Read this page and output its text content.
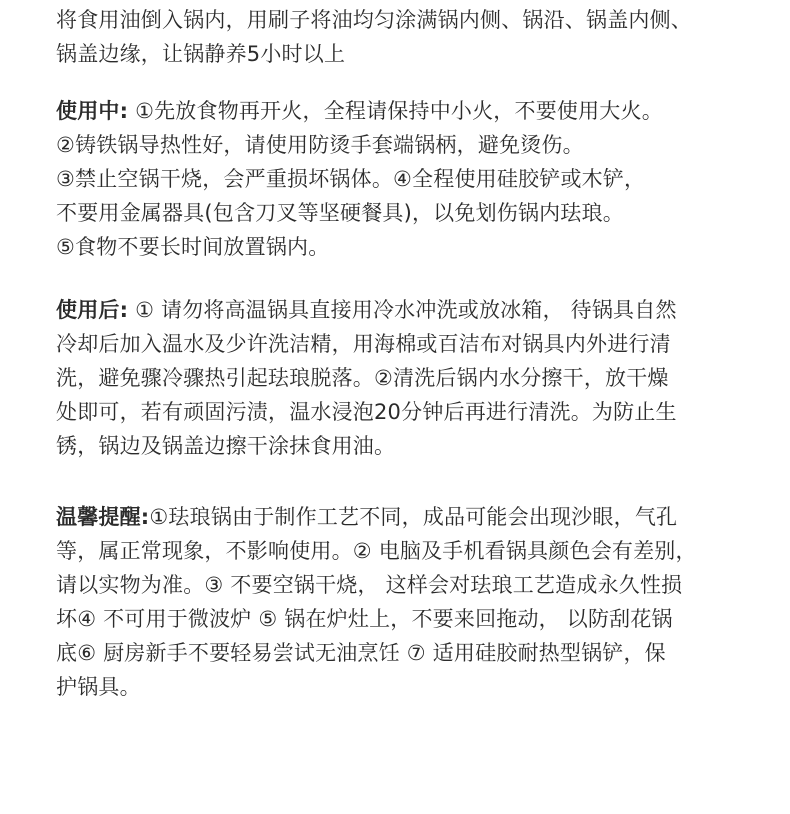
将食用油倒入锅内，用刷子将油均匀涂满锅内侧、锅沿、锅盖内侧、
锅盖边缘，让锅静养5小时以上
使用中: ①先放食物再开火，全程请保持中小火，不要使用大火。
②铸铁锅导热性好，请使用防烫手套端锅柄，避免烫伤。
③禁止空锅干烧，会严重损坏锅体。④全程使用硅胶铲或木铲，
不要用金属器具(包含刀叉等坚硬餐具)，以免划伤锅内珐琅。
⑤食物不要长时间放置锅内。
使用后: ① 请勿将高温锅具直接用冷水冲洗或放冰箱， 待锅具自然
冷却后加入温水及少许洗洁精，用海棉或百洁布对锅具内外进行清
洗，避免骤冷骤热引起珐琅脱落。②清洗后锅内水分擦干，放干燥
处即可，若有顽固污渍，温水浸泡20分钟后再进行清洗。为防止生
锈，锅边及锅盖边擦干涂抹食用油。
温馨提醒:①珐琅锅由于制作工艺不同，成品可能会出现沙眼，气孔
等，属正常现象，不影响使用。② 电脑及手机看锅具颜色会有差别，
请以实物为准。③ 不要空锅干烧， 这样会对珐琅工艺造成永久性损
坏④ 不可用于微波炉 ⑤ 锅在炉灶上，不要来回拖动， 以防刮花锅
底⑥ 厨房新手不要轻易尝试无油烹饪 ⑦ 适用硅胶耐热型锅铲，保
护锅具。
